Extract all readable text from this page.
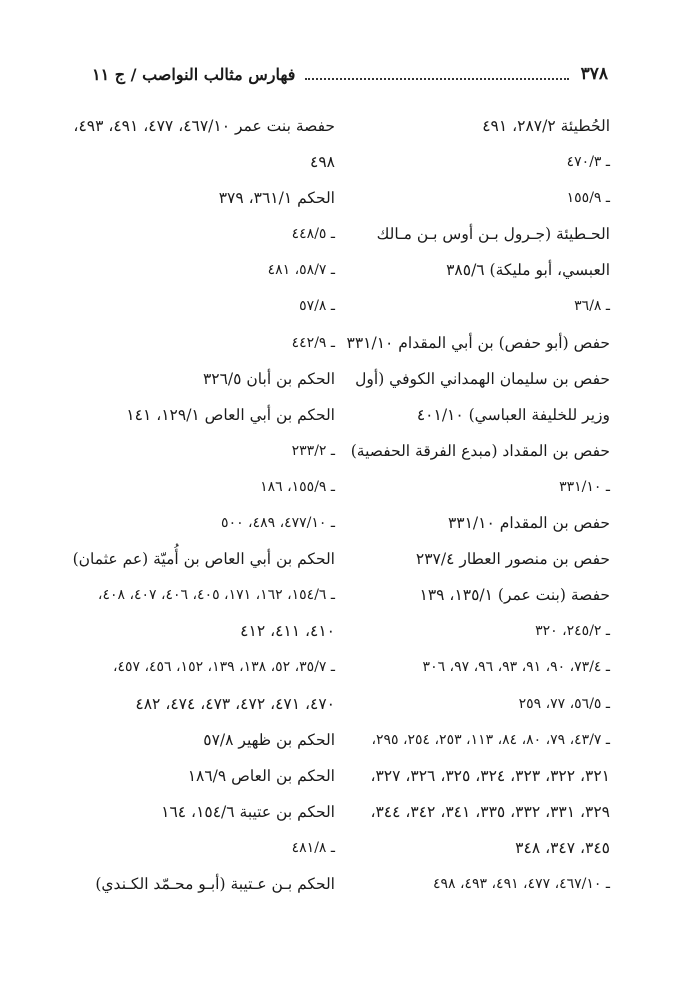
٣٧٨
فهارس مثالب النواصب / ج ١١
الحُطيئة ٢٨٧/٢، ٤٩١
ـ ٤٧٠/٣
ـ ١٥٥/٩
الحـطيئة (جـرول بـن أوس بـن مـالك
العبسي، أبو مليكة) ٣٨٥/٦
ـ ٣٦/٨
حفص (أبو حفص) بن أبي المقدام ٣٣١/١٠
حفص بن سليمان الهمداني الكوفي (أول
وزير للخليفة العباسي) ٤٠١/١٠
حفص بن المقداد (مبدع الفرقة الحفصية)
ـ ٣٣١/١٠
حفص بن المقدام ٣٣١/١٠
حفص بن منصور العطار ٢٣٧/٤
حفصة (بنت عمر) ١٣٥/١، ١٣٩
ـ ٢٤٥/٢، ٣٢٠
ـ ٧٣/٤، ٩٠، ٩١، ٩٣، ٩٦، ٩٧، ٣٠٦
ـ ٥٦/٥، ٧٧، ٢٥٩
ـ ٤٣/٧، ٧٩، ٨٠، ٨٤، ١١٣، ٢٥٣، ٢٥٤، ٢٩٥،
٣٢١، ٣٢٢، ٣٢٣، ٣٢٤، ٣٢٥، ٣٢٦، ٣٢٧،
٣٢٩، ٣٣١، ٣٣٢، ٣٣٥، ٣٤١، ٣٤٢، ٣٤٤،
٣٤٥، ٣٤٧، ٣٤٨
ـ ٤٦٧/١٠، ٤٧٧، ٤٩١، ٤٩٣، ٤٩٨
حفصة بنت عمر ٤٦٧/١٠، ٤٧٧، ٤٩١، ٤٩٣،
٤٩٨
الحكم ٣٦١/١، ٣٧٩
ـ ٤٤٨/٥
ـ ٥٨/٧، ٤٨١
ـ ٥٧/٨
ـ ٤٤٢/٩
الحكم بن أبان ٣٢٦/٥
الحكم بن أبي العاص ١٢٩/١، ١٤١
ـ ٢٣٣/٢
ـ ١٥٥/٩، ١٨٦
ـ ٤٧٧/١٠، ٤٨٩، ٥٠٠
الحكم بن أبي العاص بن أُميّة (عم عثمان)
ـ ١٥٤/٦، ١٦٢، ١٧١، ٤٠٥، ٤٠٦، ٤٠٧، ٤٠٨،
٤١٠، ٤١١، ٤١٢
ـ ٣٥/٧، ٥٢، ١٣٨، ١٣٩، ١٥٢، ٤٥٦، ٤٥٧،
٤٧٠، ٤٧١، ٤٧٢، ٤٧٣، ٤٧٤، ٤٨٢
الحكم بن ظهير ٥٧/٨
الحكم بن العاص ١٨٦/٩
الحكم بن عتيبة ١٥٤/٦، ١٦٤
ـ ٤٨١/٨
الحكم بـن عـتيبة (أبـو محـمّد الكـندي)
